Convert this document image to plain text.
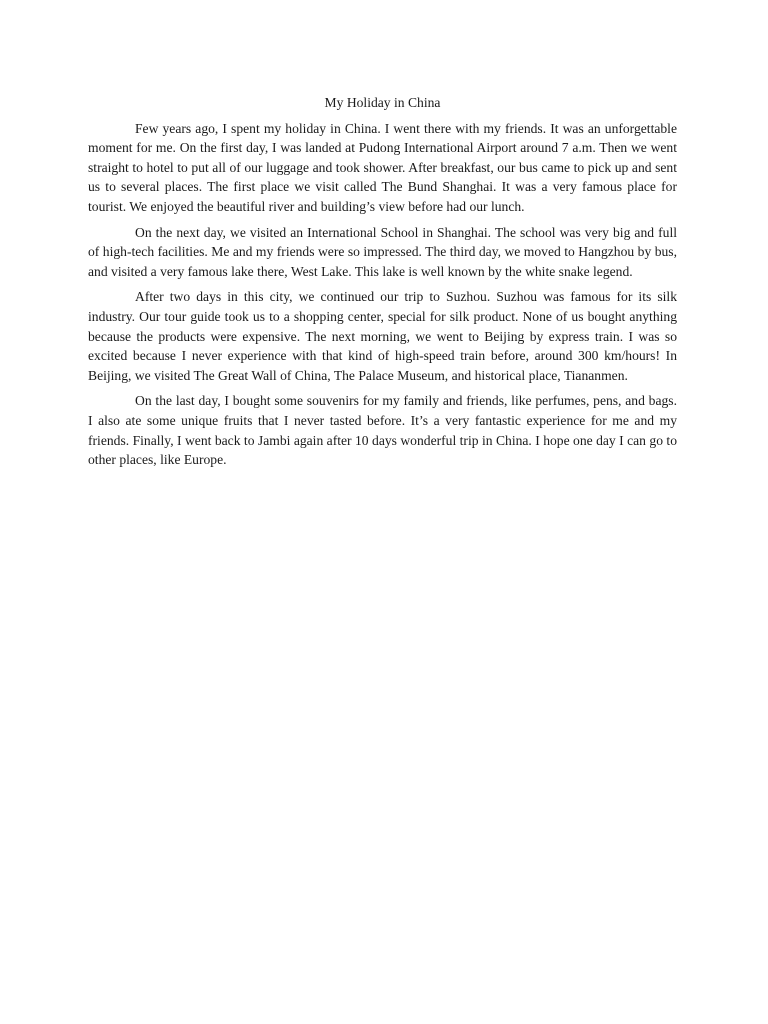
My Holiday in China

Few years ago, I spent my holiday in China. I went there with my friends. It was an unforgettable moment for me. On the first day, I was landed at Pudong International Airport around 7 a.m. Then we went straight to hotel to put all of our luggage and took shower. After breakfast, our bus came to pick up and sent us to several places. The first place we visit called The Bund Shanghai. It was a very famous place for tourist. We enjoyed the beautiful river and building’s view before had our lunch.

On the next day, we visited an International School in Shanghai. The school was very big and full of high-tech facilities. Me and my friends were so impressed. The third day, we moved to Hangzhou by bus, and visited a very famous lake there, West Lake. This lake is well known by the white snake legend.

After two days in this city, we continued our trip to Suzhou. Suzhou was famous for its silk industry. Our tour guide took us to a shopping center, special for silk product. None of us bought anything because the products were expensive. The next morning, we went to Beijing by express train. I was so excited because I never experience with that kind of high-speed train before, around 300 km/hours! In Beijing, we visited The Great Wall of China, The Palace Museum, and historical place, Tiananmen.

On the last day, I bought some souvenirs for my family and friends, like perfumes, pens, and bags. I also ate some unique fruits that I never tasted before. It’s a very fantastic experience for me and my friends. Finally, I went back to Jambi again after 10 days wonderful trip in China. I hope one day I can go to other places, like Europe.
